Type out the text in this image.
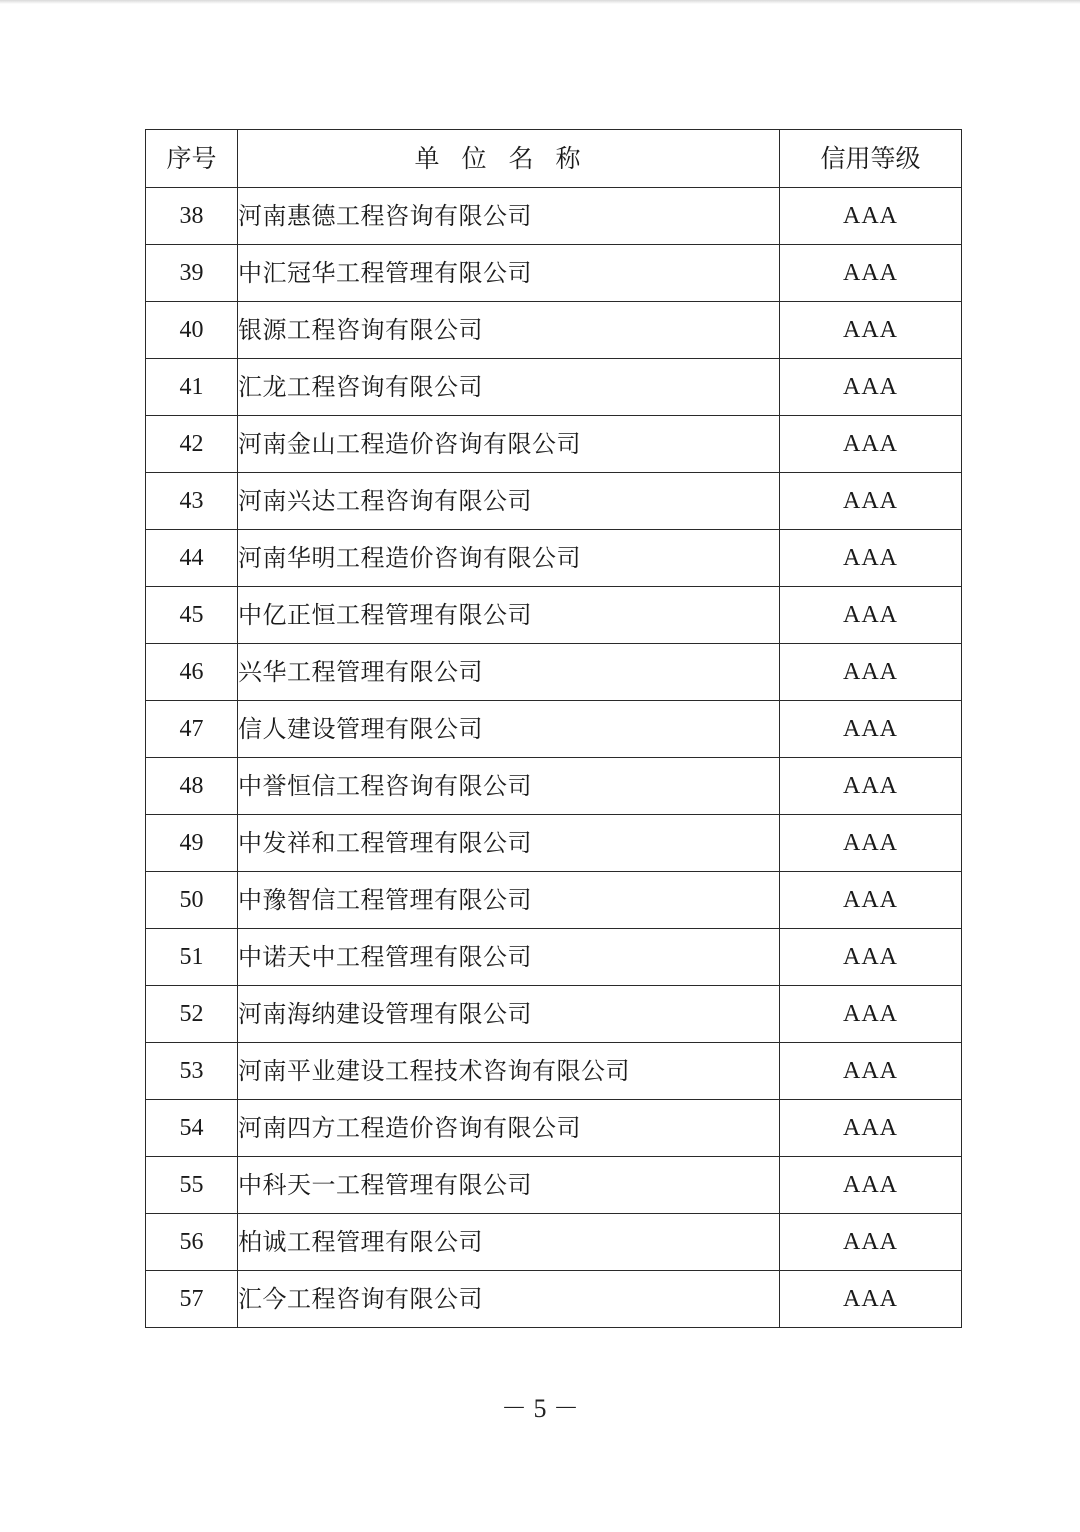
序号	单位名称	信用等级
38	河南惠德工程咨询有限公司	AAA
39	中汇冠华工程管理有限公司	AAA
40	银源工程咨询有限公司	AAA
41	汇龙工程咨询有限公司	AAA
42	河南金山工程造价咨询有限公司	AAA
43	河南兴达工程咨询有限公司	AAA
44	河南华明工程造价咨询有限公司	AAA
45	中亿正恒工程管理有限公司	AAA
46	兴华工程管理有限公司	AAA
47	信人建设管理有限公司	AAA
48	中誉恒信工程咨询有限公司	AAA
49	中发祥和工程管理有限公司	AAA
50	中豫智信工程管理有限公司	AAA
51	中诺天中工程管理有限公司	AAA
52	河南海纳建设管理有限公司	AAA
53	河南平业建设工程技术咨询有限公司	AAA
54	河南四方工程造价咨询有限公司	AAA
55	中科天一工程管理有限公司	AAA
56	柏诚工程管理有限公司	AAA
57	汇今工程咨询有限公司	AAA
－ 5 －
